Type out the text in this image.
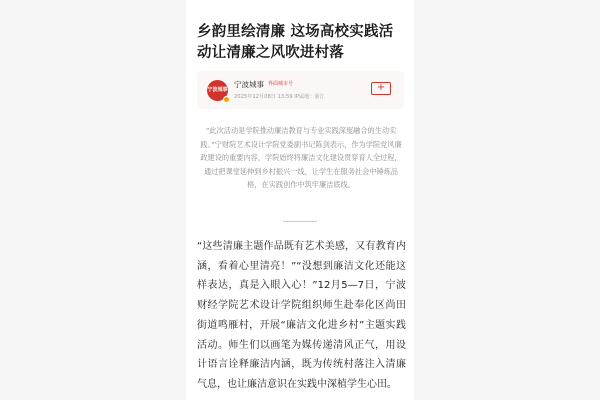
乡韵里绘清廉 这场高校实践活动让清廉之风吹进村落
宁波城事
宁波城事 界面城市号
2025年12月08日 13:59 IP属地：浙江
+
“此次活动是学院推动廉洁教育与专业实践深度融合的生动实践。”宁财院艺术设计学院党委副书记陈剑表示，作为学院党风廉政建设的重要内容，学院始终将廉洁文化建设贯穿育人全过程，通过把课堂延伸到乡村振兴一线，让学生在服务社会中锤炼品格，在实践创作中筑牢廉洁底线。
“这些清廉主题作品既有艺术美感，又有教育内涵，看着心里清亮！”“没想到廉洁文化还能这样表达，真是入眼入心！”12月5—7日，宁波财经学院艺术设计学院组织师生赴奉化区尚田街道鸣雁村，开展“廉洁文化进乡村”主题实践活动。师生们以画笔为媒传递清风正气，用设计语言诠释廉洁内涵，既为传统村落注入清廉气息，也让廉洁意识在实践中深植学生心田。
